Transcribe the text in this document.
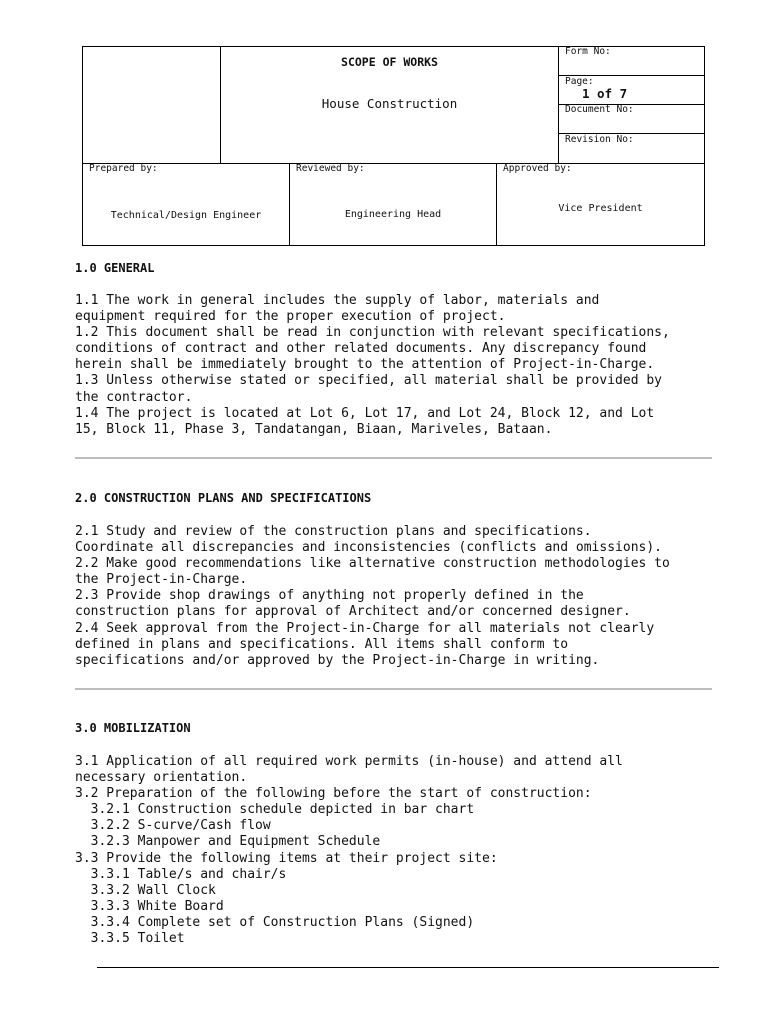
SCOPE OF WORKS
House Construction
Form No:
Page:
1 of 7
Document No:
Revision No:
Prepared by:
Technical/Design Engineer
Reviewed by:
Engineering Head
Approved by:
Vice President
1.0 GENERAL
1.1 The work in general includes the supply of labor, materials and
equipment required for the proper execution of project.
1.2 This document shall be read in conjunction with relevant specifications,
conditions of contract and other related documents. Any discrepancy found
herein shall be immediately brought to the attention of Project-in-Charge.
1.3 Unless otherwise stated or specified, all material shall be provided by
the contractor.
1.4 The project is located at Lot 6, Lot 17, and Lot 24, Block 12, and Lot
15, Block 11, Phase 3, Tandatangan, Biaan, Mariveles, Bataan.
2.0 CONSTRUCTION PLANS AND SPECIFICATIONS
2.1 Study and review of the construction plans and specifications.
Coordinate all discrepancies and inconsistencies (conflicts and omissions).
2.2 Make good recommendations like alternative construction methodologies to
the Project-in-Charge.
2.3 Provide shop drawings of anything not properly defined in the
construction plans for approval of Architect and/or concerned designer.
2.4 Seek approval from the Project-in-Charge for all materials not clearly
defined in plans and specifications. All items shall conform to
specifications and/or approved by the Project-in-Charge in writing.
3.0 MOBILIZATION
3.1 Application of all required work permits (in-house) and attend all
necessary orientation.
3.2 Preparation of the following before the start of construction:
3.2.1 Construction schedule depicted in bar chart
3.2.2 S-curve/Cash flow
3.2.3 Manpower and Equipment Schedule
3.3 Provide the following items at their project site:
3.3.1 Table/s and chair/s
3.3.2 Wall Clock
3.3.3 White Board
3.3.4 Complete set of Construction Plans (Signed)
3.3.5 Toilet
